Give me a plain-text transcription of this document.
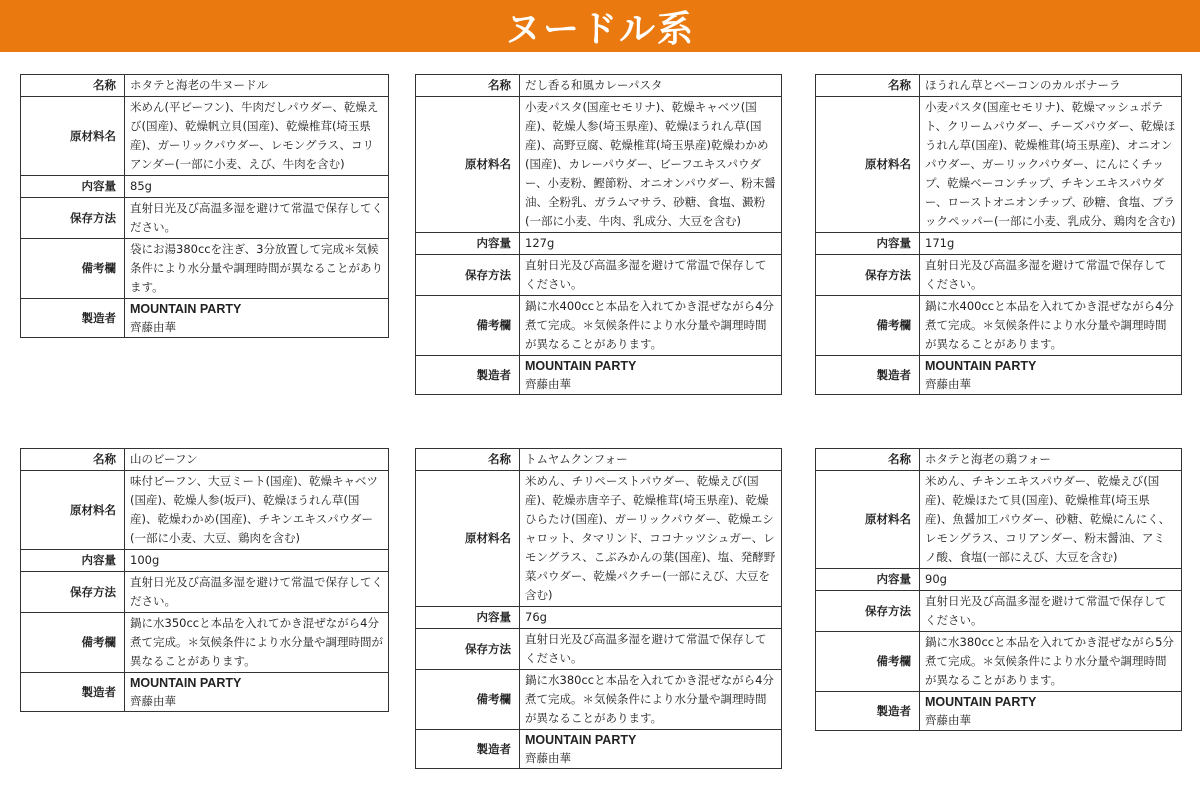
ヌードル系
名称	ホタテと海老の牛ヌードル
原材料名	米めん(平ビーフン)、牛肉だしパウダー、乾燥えび(国産)、乾燥帆立貝(国産)、乾燥椎茸(埼玉県産)、ガーリックパウダー、レモングラス、コリアンダー(一部に小麦、えび、牛肉を含む)
内容量	85g
保存方法	直射日光及び高温多湿を避けて常温で保存してください。
備考欄	袋にお湯380ccを注ぎ、3分放置して完成＊気候条件により水分量や調理時間が異なることがあります。
製造者	MOUNTAIN PARTY
齊藤由華
名称	だし香る和風カレーパスタ
原材料名	小麦パスタ(国産セモリナ)、乾燥キャベツ(国産)、乾燥人参(埼玉県産)、乾燥ほうれん草(国産)、高野豆腐、乾燥椎茸(埼玉県産)乾燥わかめ(国産)、カレーパウダー、ビーフエキスパウダー、小麦粉、鰹節粉、オニオンパウダー、粉末醤油、全粉乳、ガラムマサラ、砂糖、食塩、澱粉(一部に小麦、牛肉、乳成分、大豆を含む)
内容量	127g
保存方法	直射日光及び高温多湿を避けて常温で保存してください。
備考欄	鍋に水400ccと本品を入れてかき混ぜながら4分煮て完成。＊気候条件により水分量や調理時間が異なることがあります。
製造者	MOUNTAIN PARTY
齊藤由華
名称	ほうれん草とベーコンのカルボナーラ
原材料名	小麦パスタ(国産セモリナ)、乾燥マッシュポテト、クリームパウダー、チーズパウダー、乾燥ほうれん草(国産)、乾燥椎茸(埼玉県産)、オニオンパウダー、ガーリックパウダー、にんにくチップ、乾燥ベーコンチップ、チキンエキスパウダー、ローストオニオンチップ、砂糖、食塩、ブラックペッパー(一部に小麦、乳成分、鶏肉を含む)
内容量	171g
保存方法	直射日光及び高温多湿を避けて常温で保存してください。
備考欄	鍋に水400ccと本品を入れてかき混ぜながら4分煮て完成。＊気候条件により水分量や調理時間が異なることがあります。
製造者	MOUNTAIN PARTY
齊藤由華
名称	山のビーフン
原材料名	味付ビーフン、大豆ミート(国産)、乾燥キャベツ(国産)、乾燥人参(坂戸)、乾燥ほうれん草(国産)、乾燥わかめ(国産)、チキンエキスパウダー(一部に小麦、大豆、鶏肉を含む)
内容量	100g
保存方法	直射日光及び高温多湿を避けて常温で保存してください。
備考欄	鍋に水350ccと本品を入れてかき混ぜながら4分煮て完成。＊気候条件により水分量や調理時間が異なることがあります。
製造者	MOUNTAIN PARTY
齊藤由華
名称	トムヤムクンフォー
原材料名	米めん、チリペーストパウダー、乾燥えび(国産)、乾燥赤唐辛子、乾燥椎茸(埼玉県産)、乾燥ひらたけ(国産)、ガーリックパウダー、乾燥エシャロット、タマリンド、ココナッツシュガー、レモングラス、こぶみかんの葉(国産)、塩、発酵野菜パウダー、乾燥パクチー(一部にえび、大豆を含む)
内容量	76g
保存方法	直射日光及び高温多湿を避けて常温で保存してください。
備考欄	鍋に水380ccと本品を入れてかき混ぜながら4分煮て完成。＊気候条件により水分量や調理時間が異なることがあります。
製造者	MOUNTAIN PARTY
齊藤由華
名称	ホタテと海老の鶏フォー
原材料名	米めん、チキンエキスパウダー、乾燥えび(国産)、乾燥ほたて貝(国産)、乾燥椎茸(埼玉県産)、魚醤加工パウダー、砂糖、乾燥にんにく、レモングラス、コリアンダー、粉末醤油、アミノ酸、食塩(一部にえび、大豆を含む)
内容量	90g
保存方法	直射日光及び高温多湿を避けて常温で保存してください。
備考欄	鍋に水380ccと本品を入れてかき混ぜながら5分煮て完成。＊気候条件により水分量や調理時間が異なることがあります。
製造者	MOUNTAIN PARTY
齊藤由華
